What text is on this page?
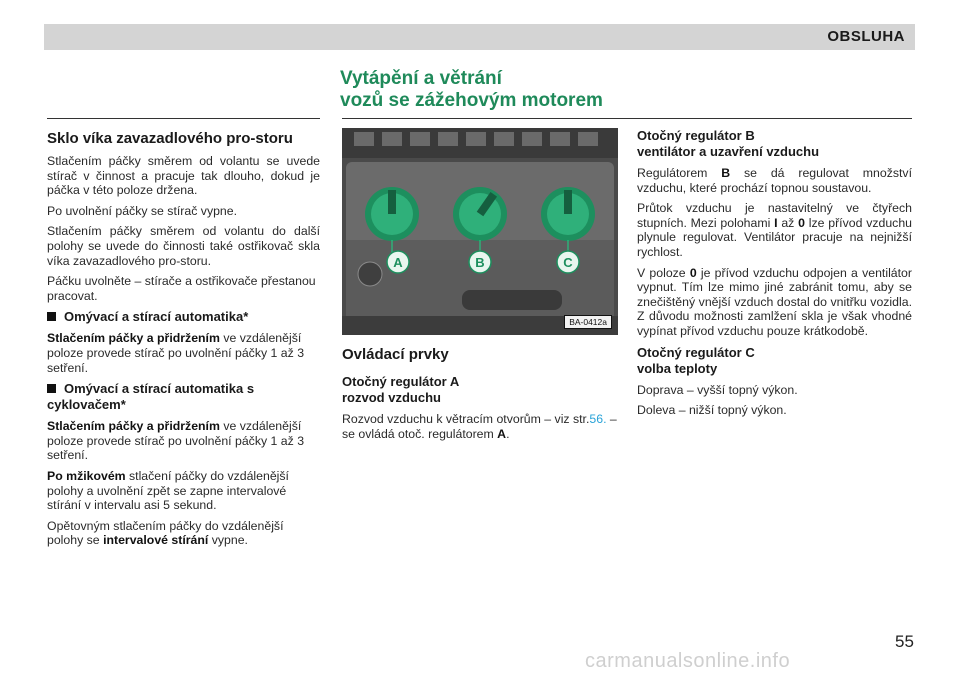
OBSLUHA
Vytápění a větrání
vozů se zážehovým motorem
Sklo víka zavazadlového pro-storu

Stlačením páčky směrem od volantu se uvede stírač v činnost a pracuje tak dlouho, dokud je páčka v této poloze držena.

Po uvolnění páčky se stírač vypne.

Stlačením páčky směrem od volantu do další polohy se uvede do činnosti také ostřikovač skla víka zavazadlového pro-storu.

Páčku uvolněte – stírače a ostřikovače přestanou pracovat.

Omývací a stírací automatika*

Stlačením páčky a přidržením ve vzdálenější poloze provede stírač po uvolnění páčky 1 až 3 setření.

Omývací a stírací automatika s cyklovačem*

Stlačením páčky a přidržením ve vzdálenější poloze provede stírač po uvolnění páčky 1 až 3 setření.

Po mžikovém stlačení páčky do vzdálenější polohy a uvolnění zpět se zapne intervalové stírání v intervalu asi 5 sekund.

Opětovným stlačením páčky do vzdálenější polohy se intervalové stírání vypne.

A	B	C
BA-0412a
Ovládací prvky
Otočný regulátor A
rozvod vzduchu

Rozvod vzduchu k větracím otvorům – viz str.56. – se ovládá otoč. regulátorem A.

Otočný regulátor B
ventilátor a uzavření vzduchu

Regulátorem B se dá regulovat množství vzduchu, které prochází topnou soustavou.

Průtok vzduchu je nastavitelný ve čtyřech stupních. Mezi polohami I až 0 lze přívod vzduchu plynule regulovat. Ventilátor pracuje na nejnižší rychlost.

V poloze 0 je přívod vzduchu odpojen a ventilátor vypnut. Tím lze mimo jiné zabránit tomu, aby se znečištěný vnější vzduch dostal do vnitřku vozidla. Z důvodu možnosti zamlžení skla je však vhodné vypínat přívod vzduchu pouze krátkodobě.

Otočný regulátor C
volba teploty

Doprava – vyšší topný výkon.

Doleva – nižší topný výkon.

55
carmanualsonline.info
